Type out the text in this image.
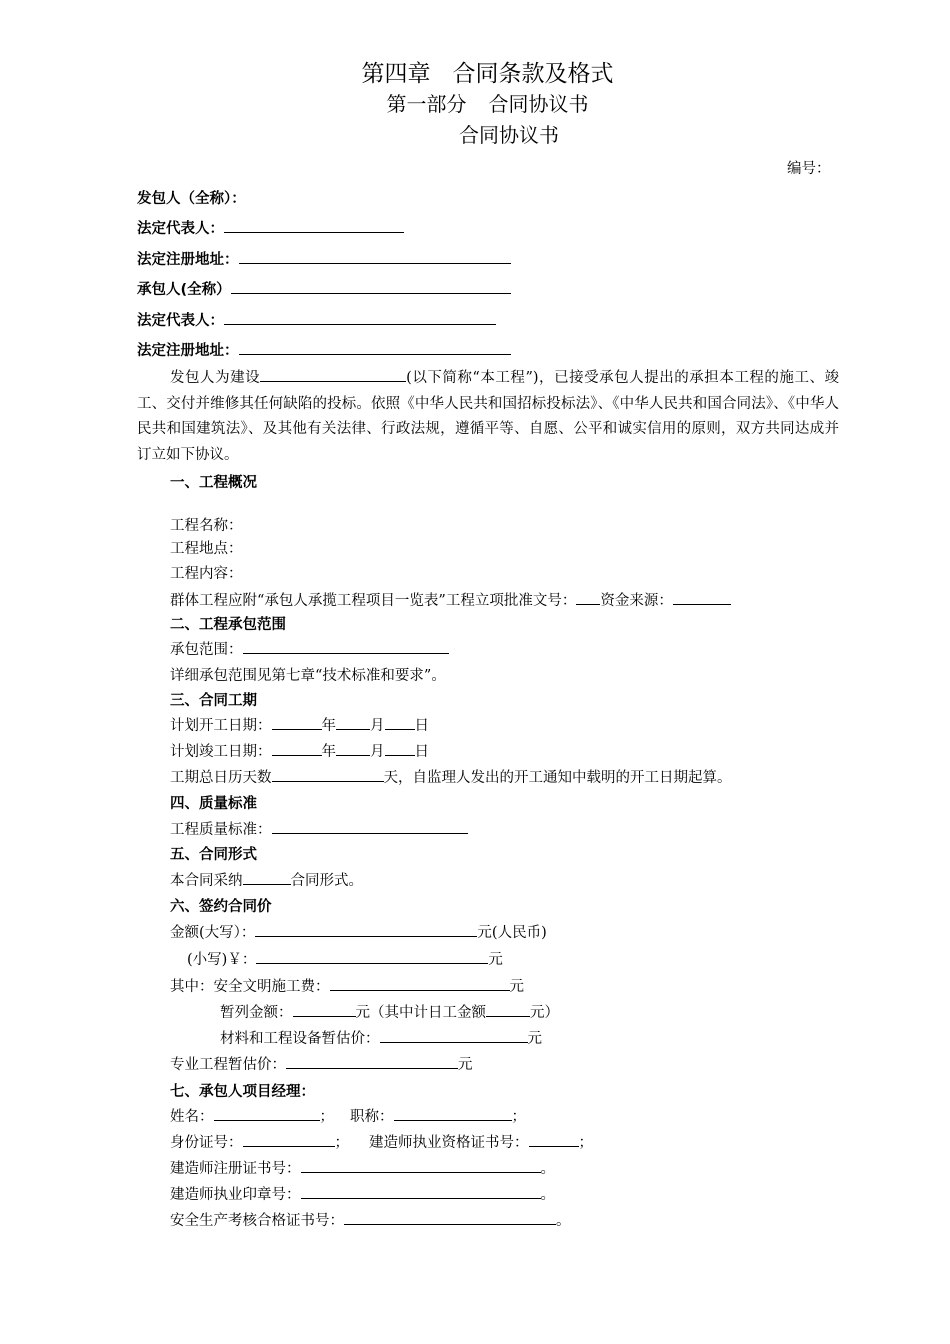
第四章 合同条款及格式
第一部分 合同协议书
合同协议书
编号：
发包人（全称）：
法定代表人：
法定注册地址：
承包人(全称）
法定代表人：
法定注册地址：
发包人为建设	(以下简称“本工程”)，已接受承包人提出的承担本工程的施工、竣工、交付并维修其任何缺陷的投标。依照《中华人民共和国招标投标法》、《中华人民共和国合同法》、《中华人民共和国建筑法》、及其他有关法律、行政法规，遵循平等、自愿、公平和诚实信用的原则，双方共同达成并订立如下协议。
一、工程概况
工程名称：
工程地点：
工程内容：
群体工程应附“承包人承揽工程项目一览表”工程立项批准文号： 资金来源：
二、工程承包范围
承包范围：
详细承包范围见第七章“技术标准和要求”。
三、合同工期
计划开工日期：	年 月 日
计划竣工日期：	年 月 日
工期总日历天数	天，自监理人发出的开工通知中载明的开工日期起算。
四、质量标准
工程质量标准：
五、合同形式
本合同采纳	合同形式。
六、签约合同价
金额(大写）：	元(人民币)
(小写)￥：	元
其中：安全文明施工费：	元
暂列金额：	元（其中计日工金额	元）
材料和工程设备暂估价：	元
专业工程暂估价：	元
七、承包人项目经理：
姓名：	； 职称：	；
身份证号：	； 建造师执业资格证书号：	；
建造师注册证书号：	。
建造师执业印章号：	。
安全生产考核合格证书号：	。
